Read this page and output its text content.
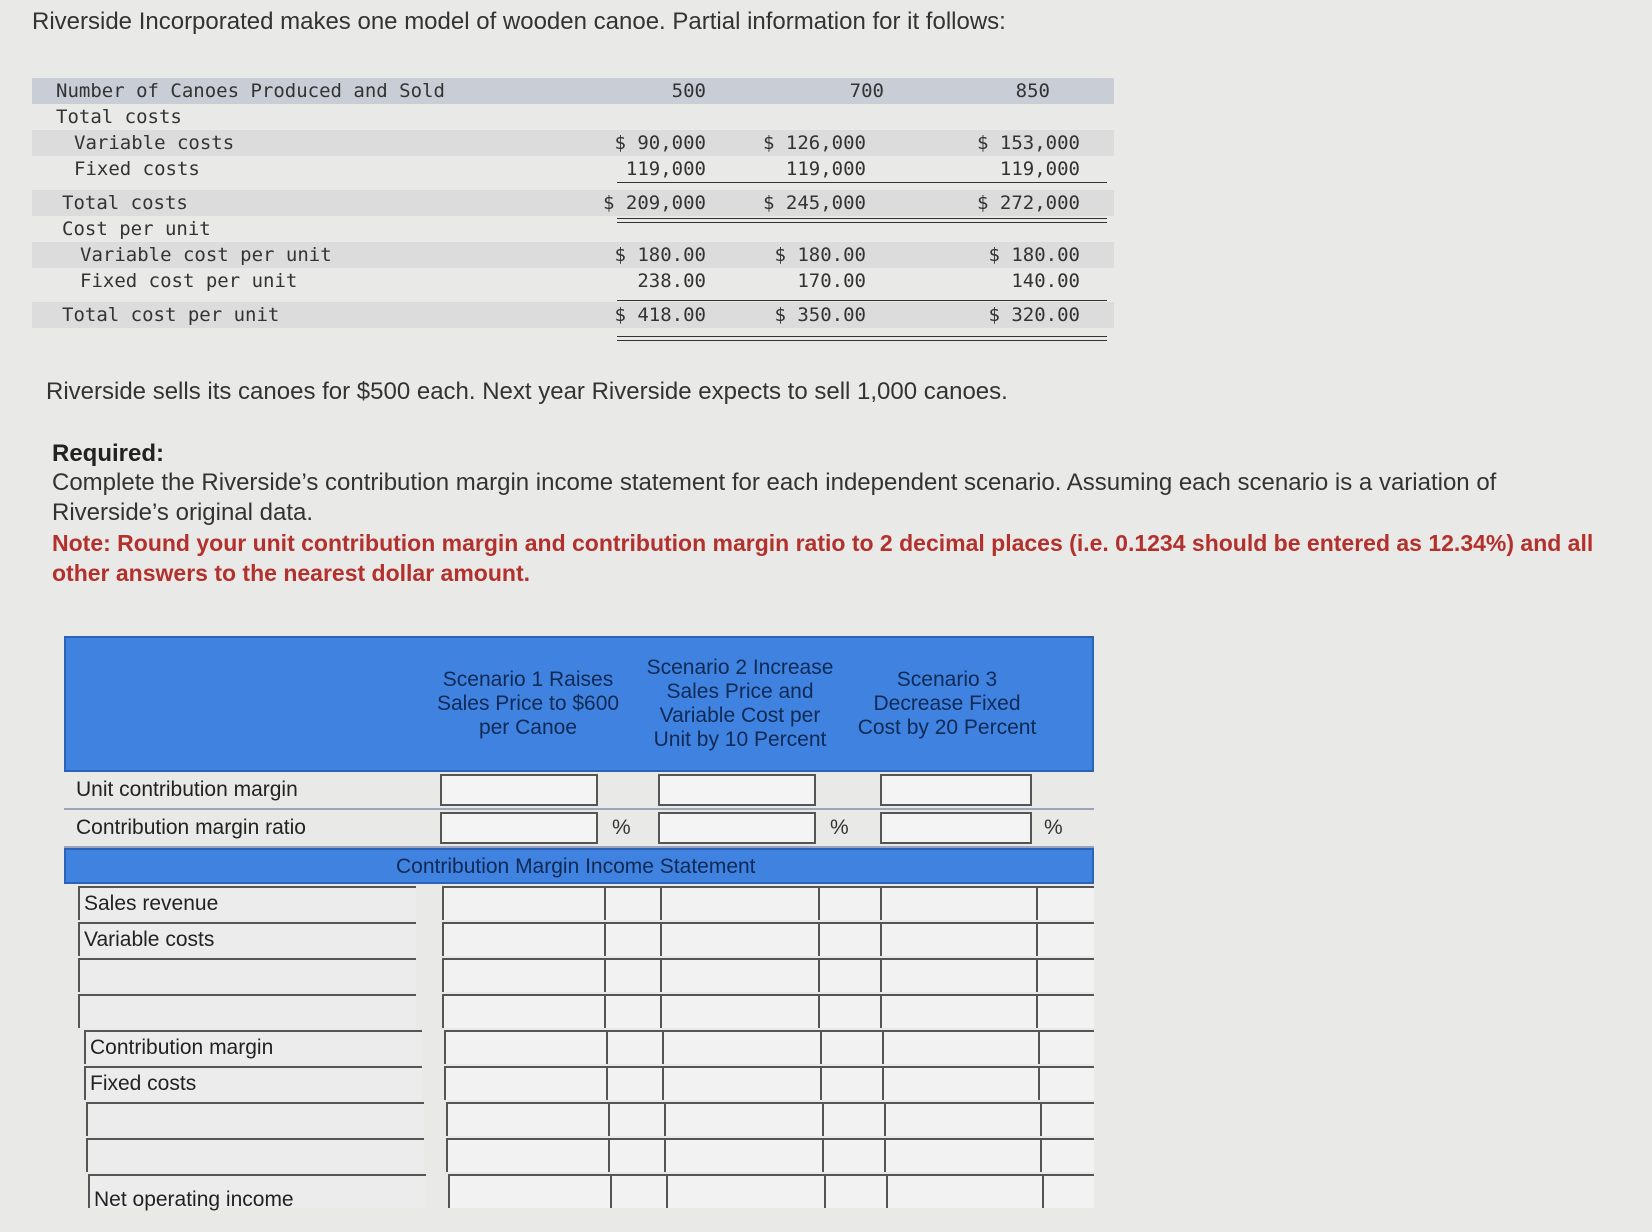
Riverside Incorporated makes one model of wooden canoe. Partial information for it follows:
Number of Canoes Produced and Sold	500	700	850
Total costs
Variable costs	$ 90,000	$ 126,000	$ 153,000
Fixed costs	119,000	119,000	119,000
Total costs	$ 209,000	$ 245,000	$ 272,000
Cost per unit
Variable cost per unit	$ 180.00	$ 180.00	$ 180.00
Fixed cost per unit	238.00	170.00	140.00
Total cost per unit	$ 418.00	$ 350.00	$ 320.00
Riverside sells its canoes for $500 each. Next year Riverside expects to sell 1,000 canoes.
Required:
Complete the Riverside’s contribution margin income statement for each independent scenario. Assuming each scenario is a variation of Riverside’s original data.
Note: Round your unit contribution margin and contribution margin ratio to 2 decimal places (i.e. 0.1234 should be entered as 12.34%) and all other answers to the nearest dollar amount.
Scenario 1 Raises Sales Price to $600 per Canoe
Scenario 2 Increase Sales Price and Variable Cost per Unit by 10 Percent
Scenario 3 Decrease Fixed Cost by 20 Percent
Unit contribution margin
Contribution margin ratio	%	%	%
Contribution Margin Income Statement
Sales revenue
Variable costs
Contribution margin
Fixed costs
Net operating income
